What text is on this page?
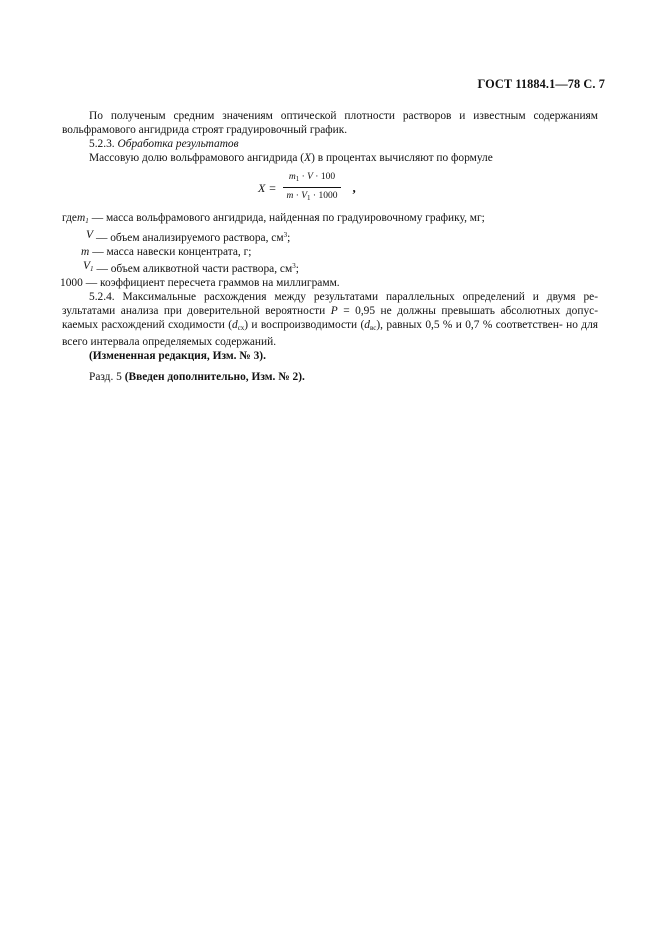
ГОСТ 11884.1—78 С. 7

По полученым средним значениям оптической плотности растворов и известным содержаниям вольфрамового ангидрида строят градуировочный график.

5.2.3. Обработка результатов

Массовую долю вольфрамового ангидрида (X) в процентах вычисляют по формуле

$X = \frac{m_1 \cdot V \cdot 100}{m \cdot V_1 \cdot 1000}$ ,
где $m_1$ — масса вольфрамового ангидрида, найденная по градуировочному графику, мг;
V — объем анализируемого раствора, $см^3$;
m — масса навески концентрата, г;
$V_1$ — объем аликвотной части раствора, $см^3$;
1000 — коэффициент пересчета граммов на миллиграмм.

5.2.4. Максимальные расхождения между результатами параллельных определений и двумя ре- зультатами анализа при доверительной вероятности P = 0,95 не должны превышать абсолютных допус- каемых расхождений сходимости (dсх) и воспроизводимости (dвс), равных 0,5 % и 0,7 % соответствен- но для всего интервала определяемых содержаний.

(Измененная редакция, Изм. № 3).

Разд. 5 (Введен дополнительно, Изм. № 2).
